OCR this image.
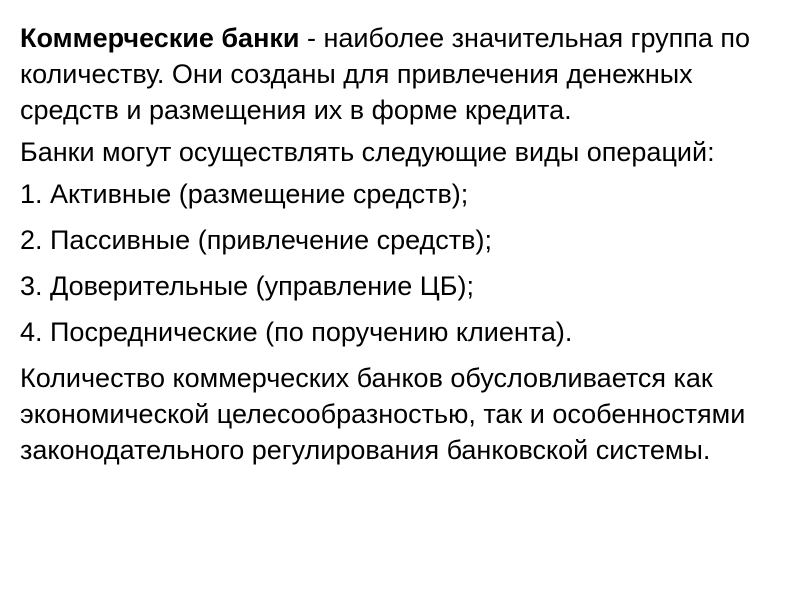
Коммерческие банки - наиболее значительная группа по количеству. Они созданы для привлечения денежных средств и размещения их в форме кредита.

Банки могут осуществлять следующие виды операций:

1. Активные (размещение средств);
2. Пассивные (привлечение средств);
3. Доверительные (управление ЦБ);
4. Посреднические (по поручению клиента).

Количество коммерческих банков обусловливается как экономической целесообразностью, так и особенностями законодательного регулирования банковской системы.
